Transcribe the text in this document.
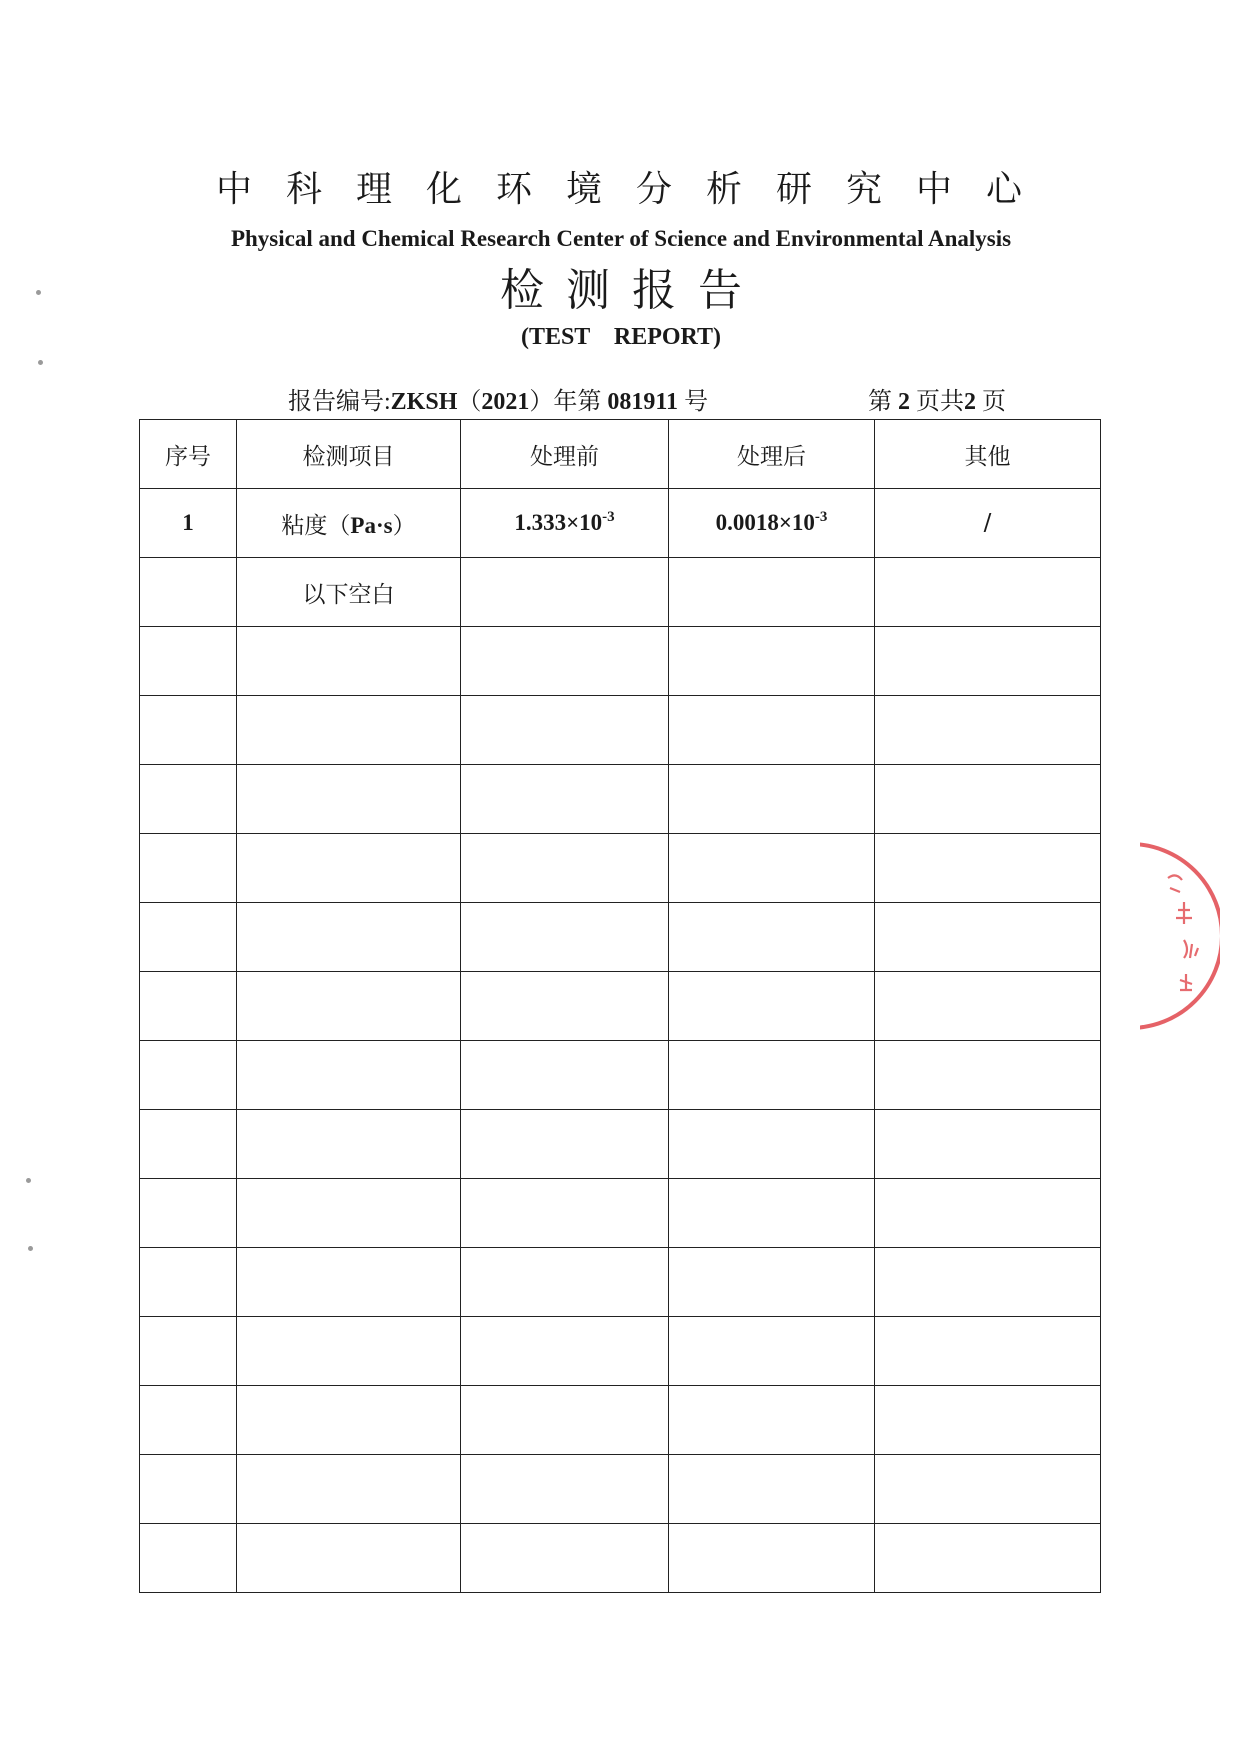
中科理化环境分析研究中心
Physical and Chemical Research Center of Science and Environmental Analysis
检测报告
(TEST    REPORT)
报告编号:ZKSH（2021）年第 081911 号	第 2 页共2 页
序号	检测项目	处理前	处理后	其他
1	粘度（Pa·s）	$1.333\times 10^{-3}$	$0.0018\times 10^{-3}$	/
	以下空白			
